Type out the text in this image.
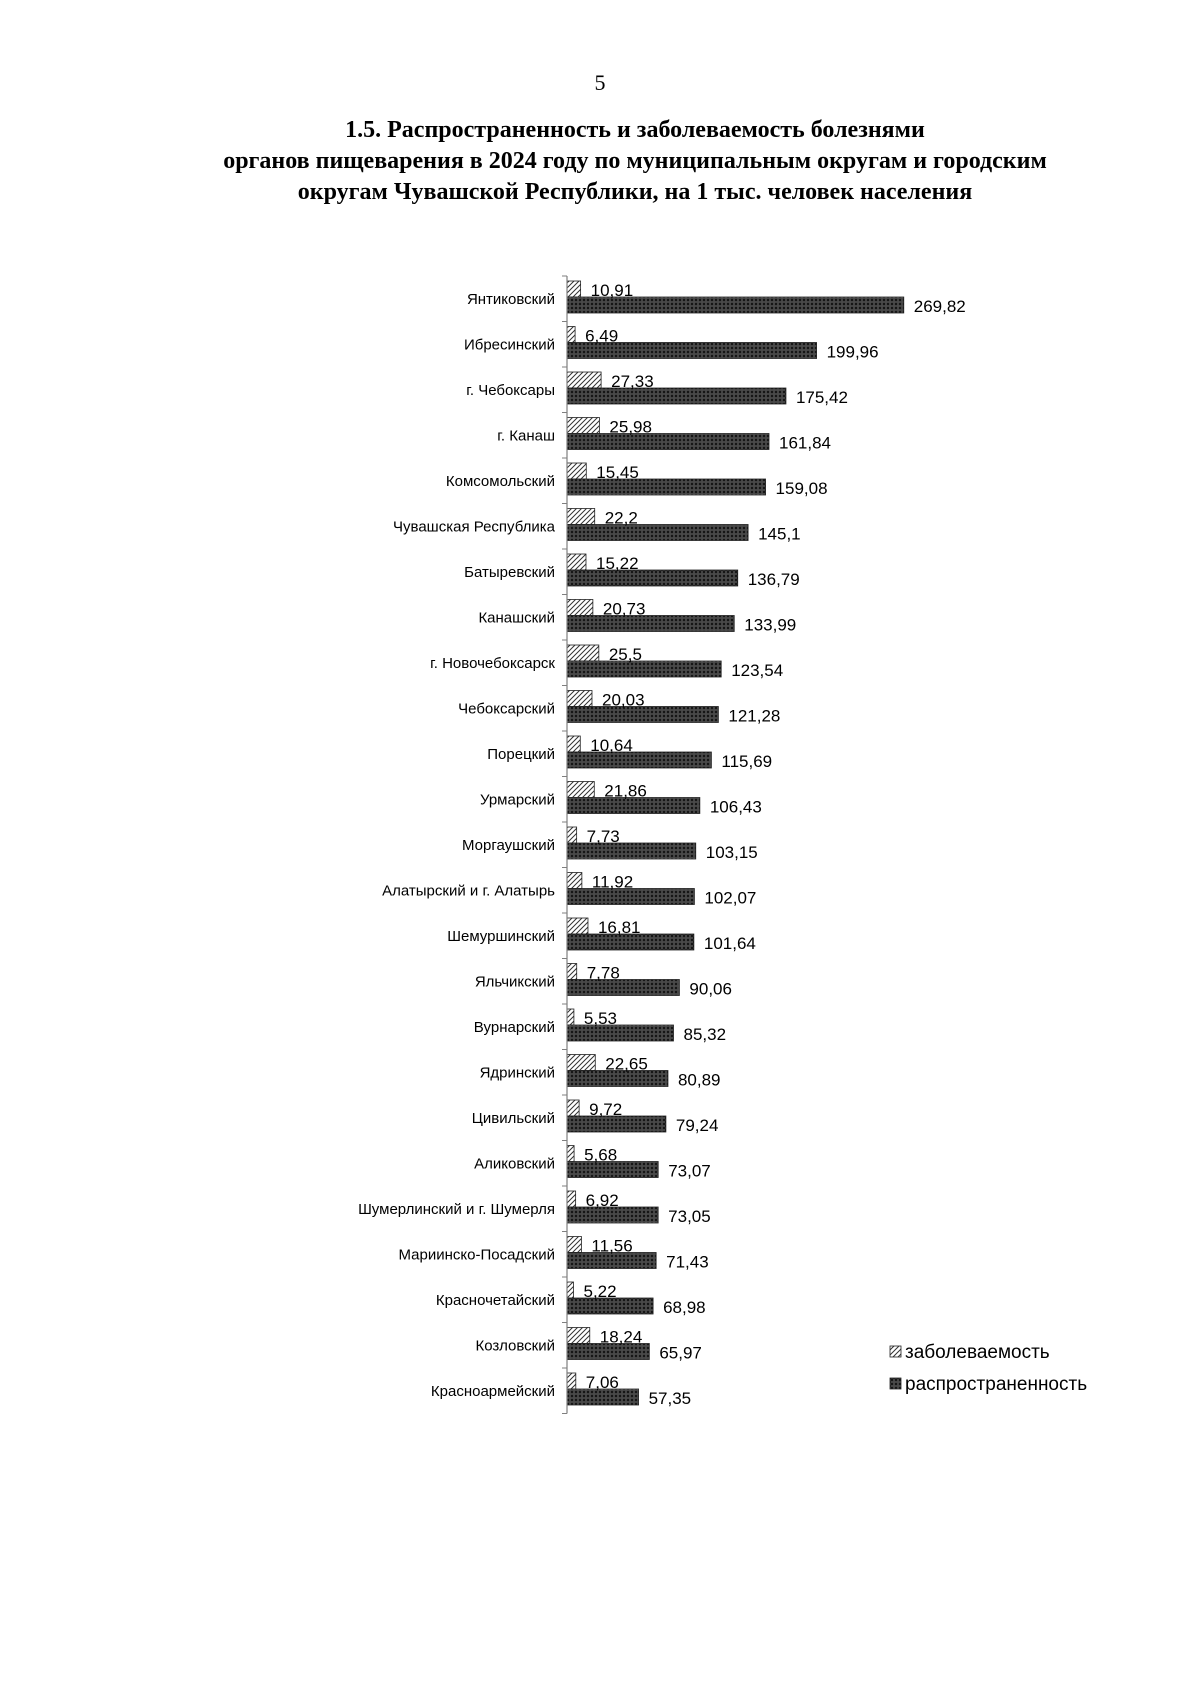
5
1.5. Распространенность и заболеваемость болезнями
органов пищеварения в 2024 году по муниципальным округам и городским
округам Чувашской Республики, на 1 тыс. человек населения
Янтиковский 10,91
269,82
Ибресинский 6,49
199,96
г. Чебоксары	27,33
175,42
г. Канаш	25,98
161,84
Комсомольский 15,45
159,08
Чувашская Республика	22,2
145,1
Батыревский 15,22
136,79
Канашский	20,73
133,99
г. Новочебоксарск	25,5
123,54
Чебоксарский	20,03
121,28
Порецкий 10,64
115,69
Урмарский	21,86
106,43
Моргаушский 7,73
103,15
Алатырский и г. Алатырь 11,92
102,07
Шемуршинский	16,81
101,64
Яльчикский 7,78
90,06
Вурнарский 5,53
85,32
Ядринский	22,65
80,89
Цивильский 9,72
79,24
Аликовский 5,68
73,07
Шумерлинский и г. Шумерля 6,92
73,05
Мариинско-Посадский 11,56
71,43
Красночетайский 5,22
68,98
Козловский	18,24
65,97
Красноармейский 7,06
57,35
заболеваемость
распространенность
